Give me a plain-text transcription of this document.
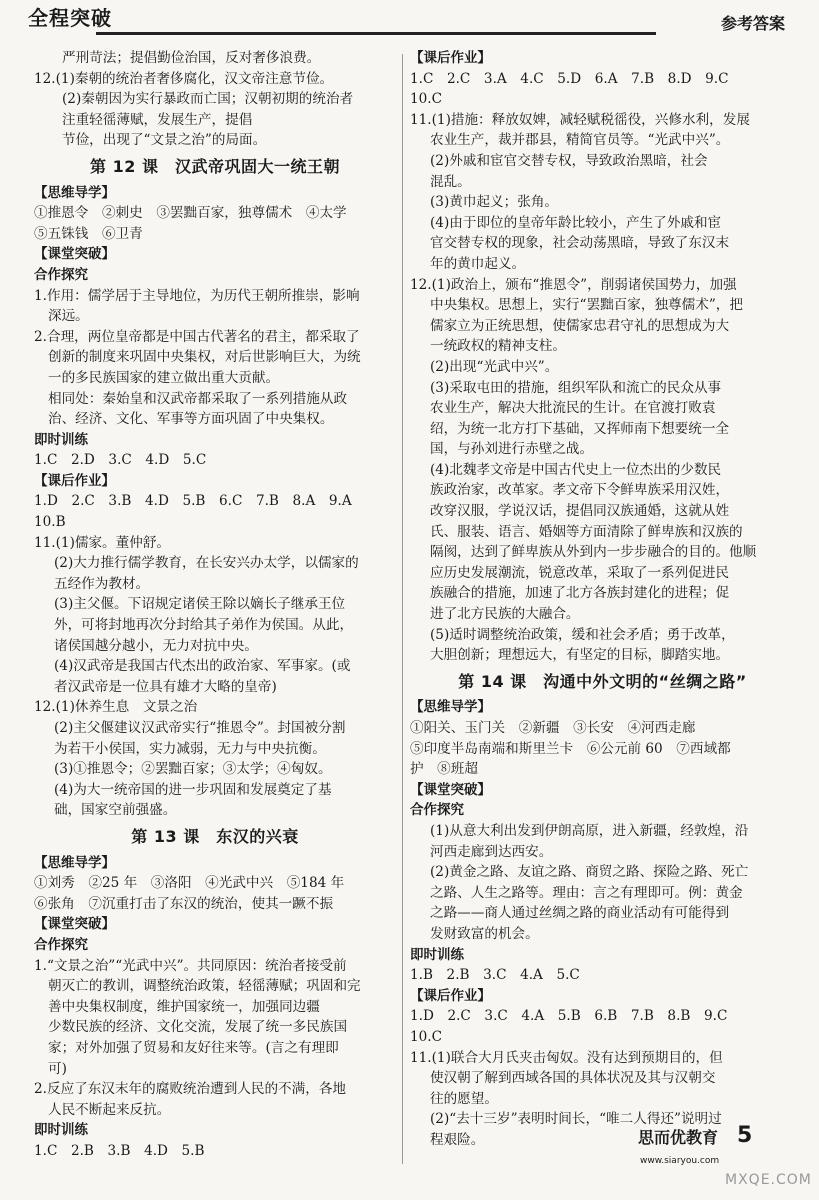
全程突破	参考答案
严刑苛法；提倡勤俭治国，反对奢侈浪费。
12.(1)秦朝的统治者奢侈腐化，汉文帝注意节俭。
(2)秦朝因为实行暴政而亡国；汉朝初期的统治者
注重轻徭薄赋，发展生产，提倡
节俭，出现了“文景之治”的局面。
第 12 课　汉武帝巩固大一统王朝
【思维导学】
①推恩令　②刺史　③罢黜百家，独尊儒术　④太学
⑤五铢钱　⑥卫青
【课堂突破】
合作探究
1.作用：儒学居于主导地位，为历代王朝所推崇，影响
深远。
2.合理，两位皇帝都是中国古代著名的君主，都采取了
创新的制度来巩固中央集权，对后世影响巨大，为统
一的多民族国家的建立做出重大贡献。
相同处：秦始皇和汉武帝都采取了一系列措施从政
治、经济、文化、军事等方面巩固了中央集权。
即时训练
1.C　2.D　3.C　4.D　5.C
【课后作业】
1.D　2.C　3.B　4.D　5.B　6.C　7.B　8.A　9.A
10.B
11.(1)儒家。董仲舒。
(2)大力推行儒学教育，在长安兴办太学，以儒家的
五经作为教材。
(3)主父偃。下诏规定诸侯王除以嫡长子继承王位
外，可将封地再次分封给其子弟作为侯国。从此，
诸侯国越分越小，无力对抗中央。
(4)汉武帝是我国古代杰出的政治家、军事家。(或
者汉武帝是一位具有雄才大略的皇帝)
12.(1)休养生息　文景之治
(2)主父偃建议汉武帝实行“推恩令”。封国被分割
为若干小侯国，实力减弱，无力与中央抗衡。
(3)①推恩令；②罢黜百家；③太学；④匈奴。
(4)为大一统帝国的进一步巩固和发展奠定了基
础，国家空前强盛。
第 13 课　东汉的兴衰
【思维导学】
①刘秀　②25 年　③洛阳　④光武中兴　⑤184 年
⑥张角　⑦沉重打击了东汉的统治，使其一蹶不振
【课堂突破】
合作探究
1.“文景之治”“光武中兴”。共同原因：统治者接受前
朝灭亡的教训，调整统治政策，轻徭薄赋；巩固和完
善中央集权制度，维护国家统一，加强同边疆
少数民族的经济、文化交流，发展了统一多民族国
家；对外加强了贸易和友好往来等。(言之有理即
可)
2.反应了东汉末年的腐败统治遭到人民的不满，各地
人民不断起来反抗。
即时训练
1.C　2.B　3.B　4.D　5.B
【课后作业】
1.C　2.C　3.A　4.C　5.D　6.A　7.B　8.D　9.C
10.C
11.(1)措施：释放奴婢，减轻赋税徭役，兴修水利，发展
农业生产，裁并郡县，精简官员等。“光武中兴”。
(2)外戚和宦官交替专权，导致政治黑暗，社会
混乱。
(3)黄巾起义；张角。
(4)由于即位的皇帝年龄比较小，产生了外戚和宦
官交替专权的现象，社会动荡黑暗，导致了东汉末
年的黄巾起义。
12.(1)政治上，颁布“推恩令”，削弱诸侯国势力，加强
中央集权。思想上，实行“罢黜百家，独尊儒术”，把
儒家立为正统思想，使儒家忠君守礼的思想成为大
一统政权的精神支柱。
(2)出现“光武中兴”。
(3)采取屯田的措施，组织军队和流亡的民众从事
农业生产，解决大批流民的生计。在官渡打败袁
绍，为统一北方打下基础，又挥师南下想要统一全
国，与孙刘进行赤壁之战。
(4)北魏孝文帝是中国古代史上一位杰出的少数民
族政治家，改革家。孝文帝下令鲜卑族采用汉姓，
改穿汉服，学说汉话，提倡同汉族通婚，这就从姓
氏、服装、语言、婚姻等方面清除了鲜卑族和汉族的
隔阂，达到了鲜卑族从外到内一步步融合的目的。他顺
应历史发展潮流，锐意改革，采取了一系列促进民
族融合的措施，加速了北方各族封建化的进程；促
进了北方民族的大融合。
(5)适时调整统治政策，缓和社会矛盾；勇于改革，
大胆创新；理想远大，有坚定的目标，脚踏实地。
第 14 课　沟通中外文明的“丝绸之路”
【思维导学】
①阳关、玉门关　②新疆　③长安　④河西走廊
⑤印度半岛南端和斯里兰卡　⑥公元前 60　⑦西域都
护　⑧班超
【课堂突破】
合作探究
(1)从意大利出发到伊朗高原，进入新疆，经敦煌，沿
河西走廊到达西安。
(2)黄金之路、友谊之路、商贸之路、探险之路、死亡
之路、人生之路等。理由：言之有理即可。例：黄金
之路——商人通过丝绸之路的商业活动有可能得到
发财致富的机会。
即时训练
1.B　2.B　3.C　4.A　5.C
【课后作业】
1.D　2.C　3.C　4.A　5.B　6.B　7.B　8.B　9.C
10.C
11.(1)联合大月氏夹击匈奴。没有达到预期目的，但
使汉朝了解到西域各国的具体状况及其与汉朝交
往的愿望。
(2)“去十三岁”表明时间长，“唯二人得还”说明过
程艰险。	思而优教育
www.siaryou.com
5
MXQE.COM
